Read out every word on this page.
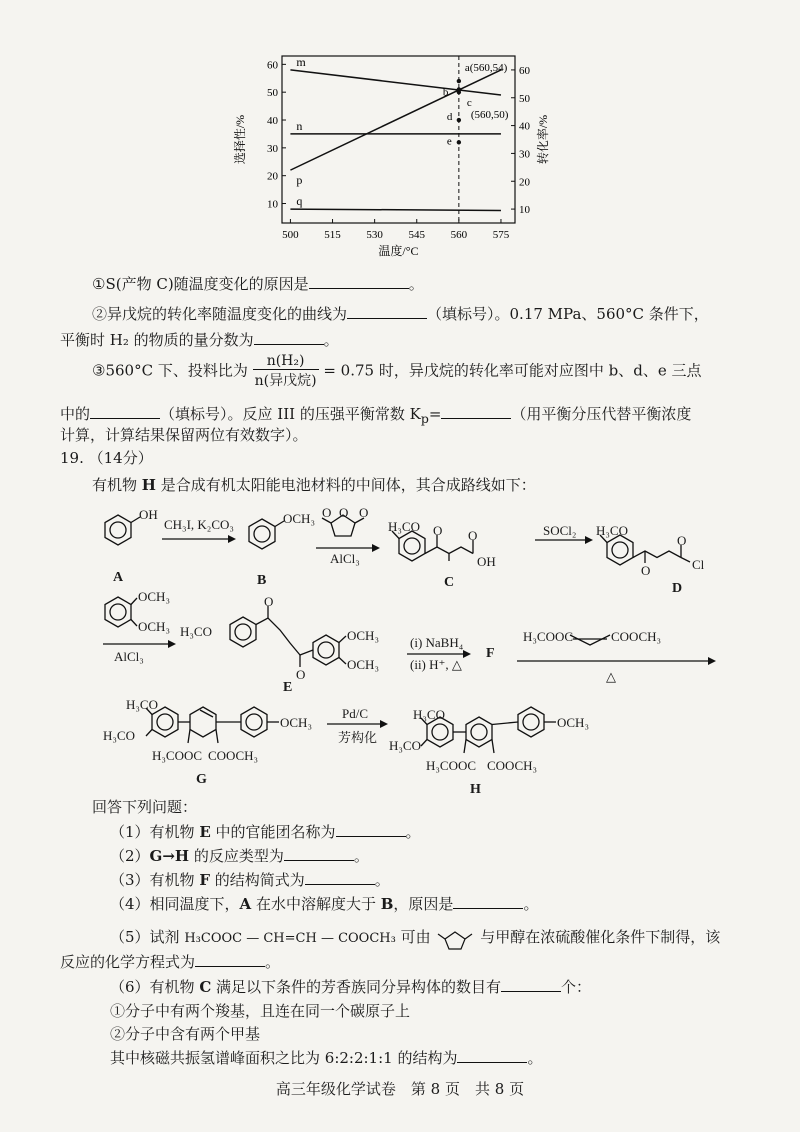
500 515 530 545 560 575
10
20
30
40
50
60
10
20
30
40
50
60
温度/°C
选择性/%	转化率/%
m
n
p
q
a(560,54)
b
c
d
e
(560,50)
①S(产物 C)随温度变化的原因是	。
②异戊烷的转化率随温度变化的曲线为	（填标号）。0.17 MPa、560°C 条件下，
平衡时 H₂ 的物质的量分数为	。
③560°C 下、投料比为 $\frac{\text{n(H₂)}}{\text{n(异戊烷)}} = 0.75$ 时，异戊烷的转化率可能对应图中 b、d、e 三点
中的	（填标号）。反应 III 的压强平衡常数 $K_p=$	（用平衡分压代替平衡浓度
计算，计算结果保留两位有效数字）。
19. （14分）
有机物 H 是合成有机太阳能电池材料的中间体，其合成路线如下：
OH
A
CH₃I, K₂CO₃	OCH₃
B
O O O
AlCl₃
H₃CO O O
OH
C
SOCl₂ H₃CO
O
O
Cl
D
OCH₃
OCH₃
AlCl₃
H₃CO
O
O
OCH₃
OCH₃
E
(i) NaBH₄
(ii) H⁺, △
F
H₃COOC	COOCH₃
△
H₃CO
H₃CO
H₃COOC COOCH₃
OCH₃
G
Pd/C
芳构化
H₃CO
H₃CO
H₃COOC COOCH₃
OCH₃
H
回答下列问题：
（1）有机物 E 中的官能团名称为	。
（2）G→H 的反应类型为	。
（3）有机物 F 的结构简式为	。
（4）相同温度下，A 在水中溶解度大于 B，原因是	。
（5）试剂 H₃COOC — CH=CH — COOCH₃ 可由	与甲醇在浓硫酸催化条件下制得，该
反应的化学方程式为	。
（6）有机物 C 满足以下条件的芳香族同分异构体的数目有	个：
①分子中有两个羧基，且连在同一个碳原子上
②分子中含有两个甲基
其中核磁共振氢谱峰面积之比为 6:2:2:1:1 的结构为	。
高三年级化学试卷　第 8 页　共 8 页
